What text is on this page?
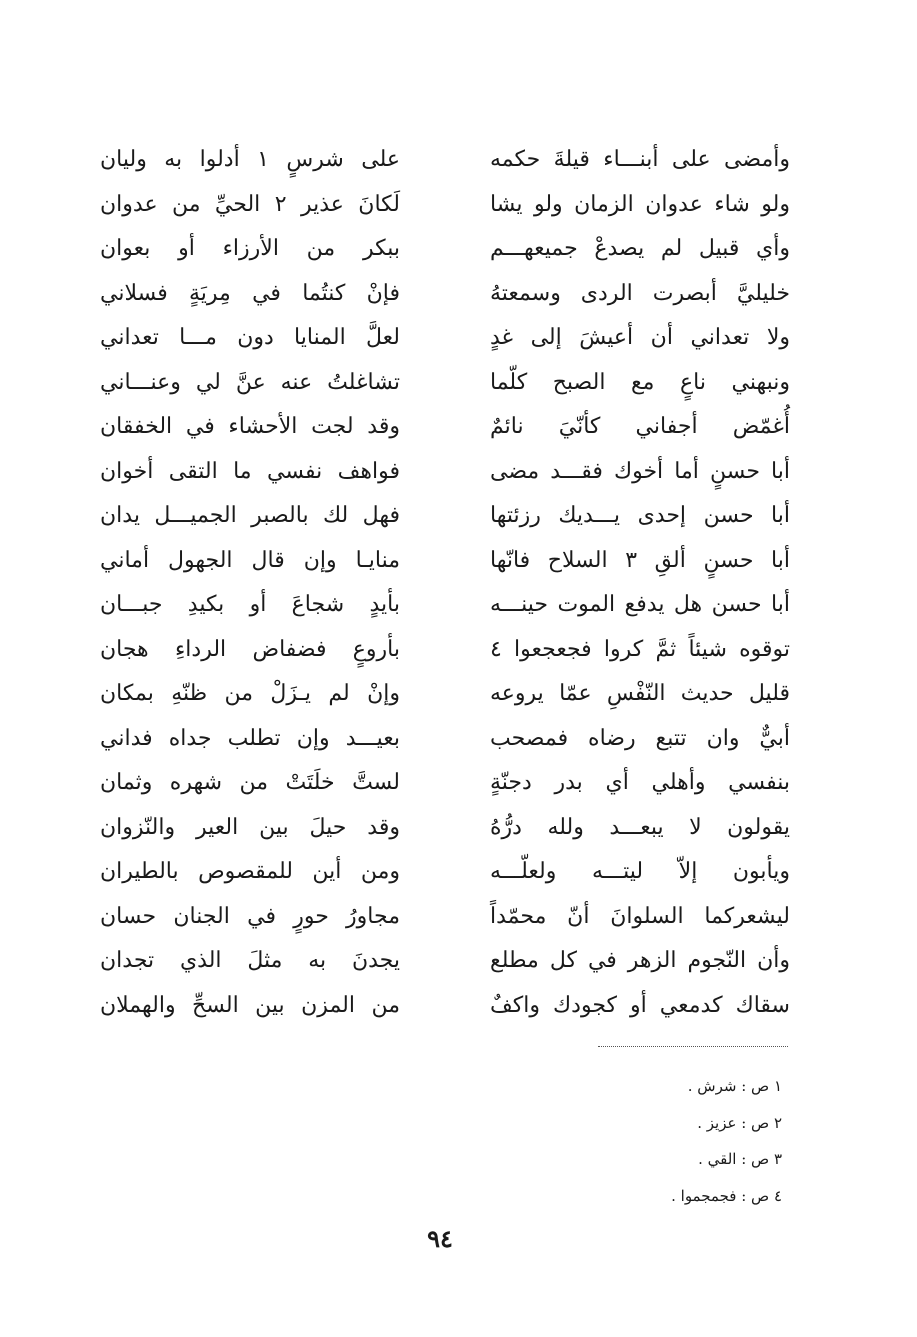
وأمضى على أبنـــاء قيلةَ حكمه
على شرسٍ ١ أدلوا به وليان
ولو شاء عدوان الزمان ولو يشا
لَكانَ عذير ٢ الحيِّ من عدوان
وأي قبيل لم يصدعْ جميعهـــم
ببكر من الأرزاء أو بعوان
خليليَّ أبصرت الردى وسمعتهُ
فإنْ كنتُما في مِريَةٍ فسلاني
ولا تعداني أن أعيشَ إلى غدٍ
لعلَّ المنايا دون مـــا تعداني
ونبهني ناعٍ مع الصبح كلّما
تشاغلتُ عنه عنَّ لي وعنـــاني
أُغمّض أجفاني كأنّيَ نائمٌ
وقد لجت الأحشاء في الخفقان
أبا حسنٍ أما أخوك فقـــد مضى
فواهف نفسي ما التقى أخوان
أبا حسن إحدى يـــديك رزئتها
فهل لك بالصبر الجميـــل يدان
أبا حسنٍ ألقِ ٣ السلاح فانّها
منايـا وإن قال الجهول أماني
أبا حسن هل يدفع الموت حينـــه
بأيدٍ شجاعَ أو بكيدِ جبـــان
توقوه شيئاً ثمَّ كروا فجعجعوا ٤
بأروعٍ فضفاض الرداءِ هجان
قليل حديث النّفْسِ عمّا يروعه
وإنْ لم يـزَلْ من ظنّهِ بمكان
أبيٌّ وان تتبع رضاه فمصحب
بعيـــد وإن تطلب جداه فداني
بنفسي وأهلي أي بدر دجنّةٍ
لستَّ خلَتَتْ من شهره وثمان
يقولون لا يبعـــد ولله درُّهُ
وقد حيلَ بين العير والنّزوان
ويأبون إلاّ ليتـــه ولعلّـــه
ومن أين للمقصوص بالطيران
ليشعركما السلوانَ أنّ محمّداً
مجاورُ حورٍ في الجنان حسان
وأن النّجوم الزهر في كل مطلع
يجدنَ به مثلَ الذي تجدان
سقاك كدمعي أو كجودك واكفٌ
من المزن بين السحِّ والهملان
١ ص : شرش .
٢ ص : عزيز .
٣ ص : القي .
٤ ص : فجمجموا .
٩٤
